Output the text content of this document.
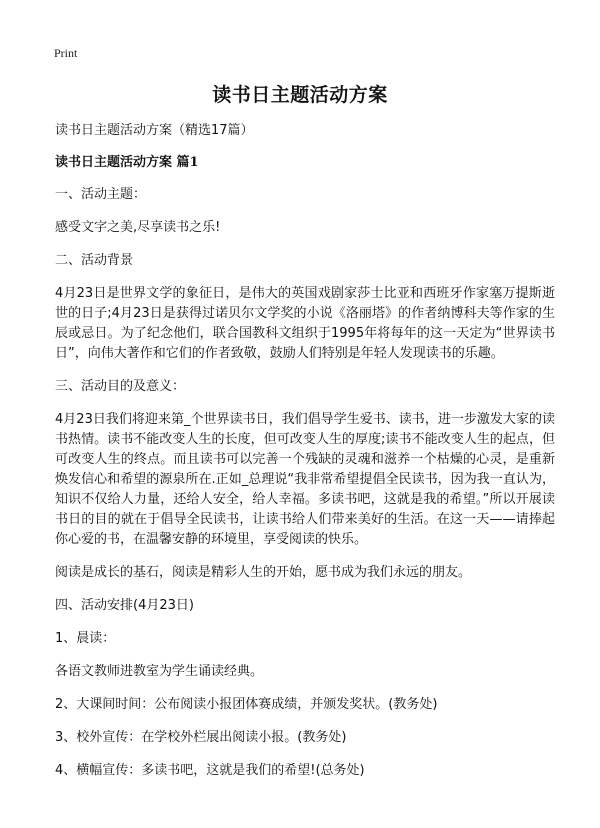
Print
读书日主题活动方案

读书日主题活动方案（精选17篇）

读书日主题活动方案 篇1

一、活动主题：

感受文字之美,尽享读书之乐!

二、活动背景

4月23日是世界文学的象征日，是伟大的英国戏剧家莎士比亚和西班牙作家塞万提斯逝世的日子;4月23日是获得过诺贝尔文学奖的小说《洛丽塔》的作者纳博科夫等作家的生辰或忌日。为了纪念他们，联合国教科文组织于1995年将每年的这一天定为“世界读书日”，向伟大著作和它们的作者致敬，鼓励人们特别是年轻人发现读书的乐趣。

三、活动目的及意义：

4月23日我们将迎来第_个世界读书日，我们倡导学生爱书、读书，进一步激发大家的读书热情。读书不能改变人生的长度，但可改变人生的厚度;读书不能改变人生的起点，但可改变人生的终点。而且读书可以完善一个残缺的灵魂和滋养一个枯燥的心灵，是重新焕发信心和希望的源泉所在.正如_总理说“我非常希望提倡全民读书，因为我一直认为，知识不仅给人力量，还给人安全，给人幸福。多读书吧，这就是我的希望。”所以开展读书日的目的就在于倡导全民读书，让读书给人们带来美好的生活。在这一天——请捧起你心爱的书，在温馨安静的环境里，享受阅读的快乐。

阅读是成长的基石，阅读是精彩人生的开始，愿书成为我们永远的朋友。

四、活动安排(4月23日)

1、晨读：

各语文教师进教室为学生诵读经典。

2、大课间时间：公布阅读小报团体赛成绩，并颁发奖状。(教务处)

3、校外宣传：在学校外栏展出阅读小报。(教务处)

4、横幅宣传：多读书吧，这就是我们的希望!(总务处)
